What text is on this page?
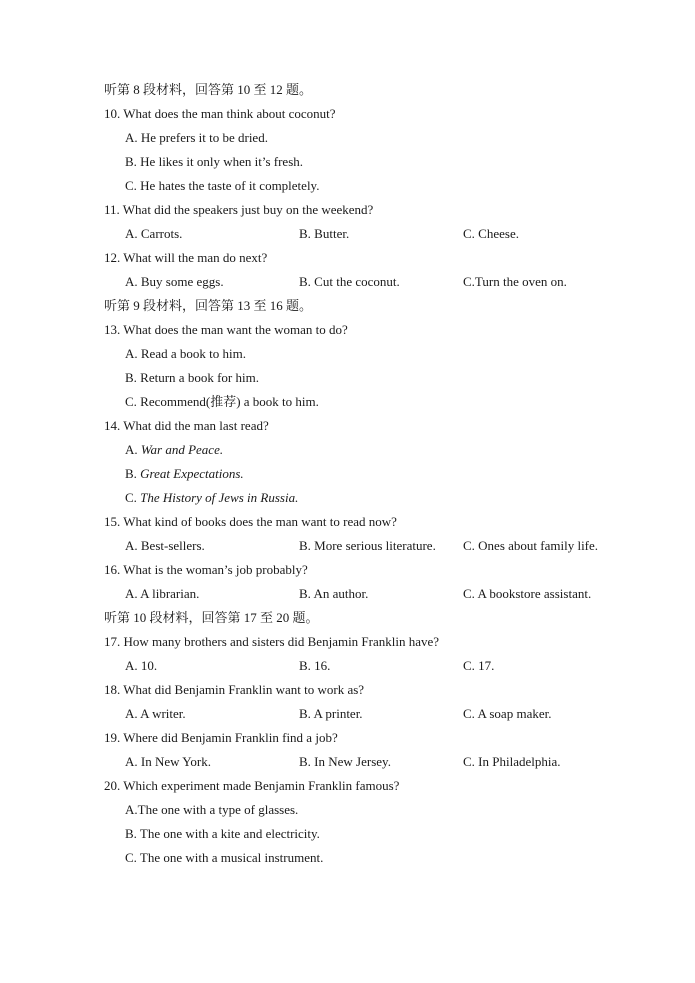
听第 8 段材料，回答第 10 至 12 题。
10. What does the man think about coconut?
A. He prefers it to be dried.
B. He likes it only when it’s fresh.
C. He hates the taste of it completely.
11. What did the speakers just buy on the weekend?
A. Carrots.	B. Butter.	C. Cheese.
12. What will the man do next?
A. Buy some eggs.	B. Cut the coconut.	C.Turn the oven on.
听第 9 段材料，回答第 13 至 16 题。
13. What does the man want the woman to do?
A. Read a book to him.
B. Return a book for him.
C. Recommend(推荐) a book to him.
14. What did the man last read?
A. War and Peace.
B. Great Expectations.
C. The History of Jews in Russia.
15. What kind of books does the man want to read now?
A. Best-sellers.	B. More serious literature. C. Ones about family life.
16. What is the woman’s job probably?
A. A librarian.	B. An author.	C. A bookstore assistant.
听第 10 段材料，回答第 17 至 20 题。
17. How many brothers and sisters did Benjamin Franklin have?
A. 10.	B. 16.	C. 17.
18. What did Benjamin Franklin want to work as?
A. A writer.	B. A printer.	C. A soap maker.
19. Where did Benjamin Franklin find a job?
A. In New York.	B. In New Jersey.	C. In Philadelphia.
20. Which experiment made Benjamin Franklin famous?
A.The one with a type of glasses.
B. The one with a kite and electricity.
C. The one with a musical instrument.
